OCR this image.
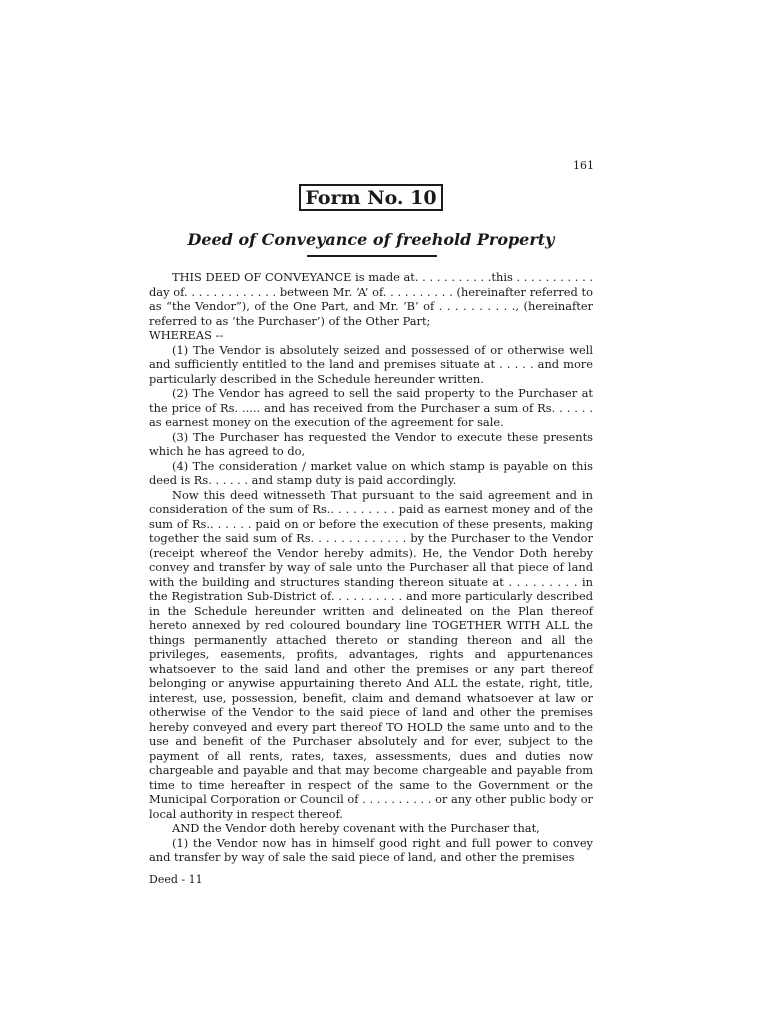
161
Form No. 10
Deed of Conveyance of freehold Property

THIS DEED OF CONVEYANCE is made at. . . . . . . . . . .this . . . . . . . . . . . day of. . . . . . . . . . . . . between Mr. ‘A’ of. . . . . . . . . . (hereinafter referred to as “the Vendor”), of the One Part, and Mr. ‘B’ of . . . . . . . . . ., (hereinafter referred to as ‘the Purchaser’) of the Other Part;

WHEREAS --

(1) The Vendor is absolutely seized and possessed of or otherwise well and sufficiently entitled to the land and premises situate at . . . . . and more particularly described in the Schedule hereunder written.

(2) The Vendor has agreed to sell the said property to the Purchaser at the price of Rs. ..... and has received from the Purchaser a sum of Rs. . . . . . as earnest money on the execution of the agreement for sale.

(3) The Purchaser has requested the Vendor to execute these presents which he has agreed to do,

(4) The consideration / market value on which stamp is payable on this deed is Rs. . . . . . and stamp duty is paid accordingly.

Now this deed witnesseth That pursuant to the said agreement and in consideration of the sum of Rs.. . . . . . . . . paid as earnest money and of the sum of Rs.. . . . . . paid on or before the execution of these presents, making together the said sum of Rs. . . . . . . . . . . . . by the Purchaser to the Vendor (receipt whereof the Vendor hereby admits). He, the Vendor Doth hereby convey and transfer by way of sale unto the Purchaser all that piece of land with the building and structures standing thereon situate at . . . . . . . . . in the Registration Sub-District of. . . . . . . . . . and more particularly described in the Schedule hereunder written and delineated on the Plan thereof hereto annexed by red coloured boundary line TOGETHER WITH ALL the things permanently attached thereto or standing thereon and all the privileges, easements, profits, advantages, rights and appurtenances whatsoever to the said land and other the premises or any part thereof belonging or anywise appurtaining thereto And ALL the estate, right, title, interest, use, possession, benefit, claim and demand whatsoever at law or otherwise of the Vendor to the said piece of land and other the premises hereby conveyed and every part thereof TO HOLD the same unto and to the use and benefit of the Purchaser absolutely and for ever, subject to the payment of all rents, rates, taxes, assessments, dues and duties now chargeable and payable and that may become chargeable and payable from time to time hereafter in respect of the same to the Government or the Municipal Corporation or Council of . . . . . . . . . . or any other public body or local authority in respect thereof.

AND the Vendor doth hereby covenant with the Purchaser that,

(1) the Vendor now has in himself good right and full power to convey and transfer by way of sale the said piece of land, and other the premises

Deed - 11
